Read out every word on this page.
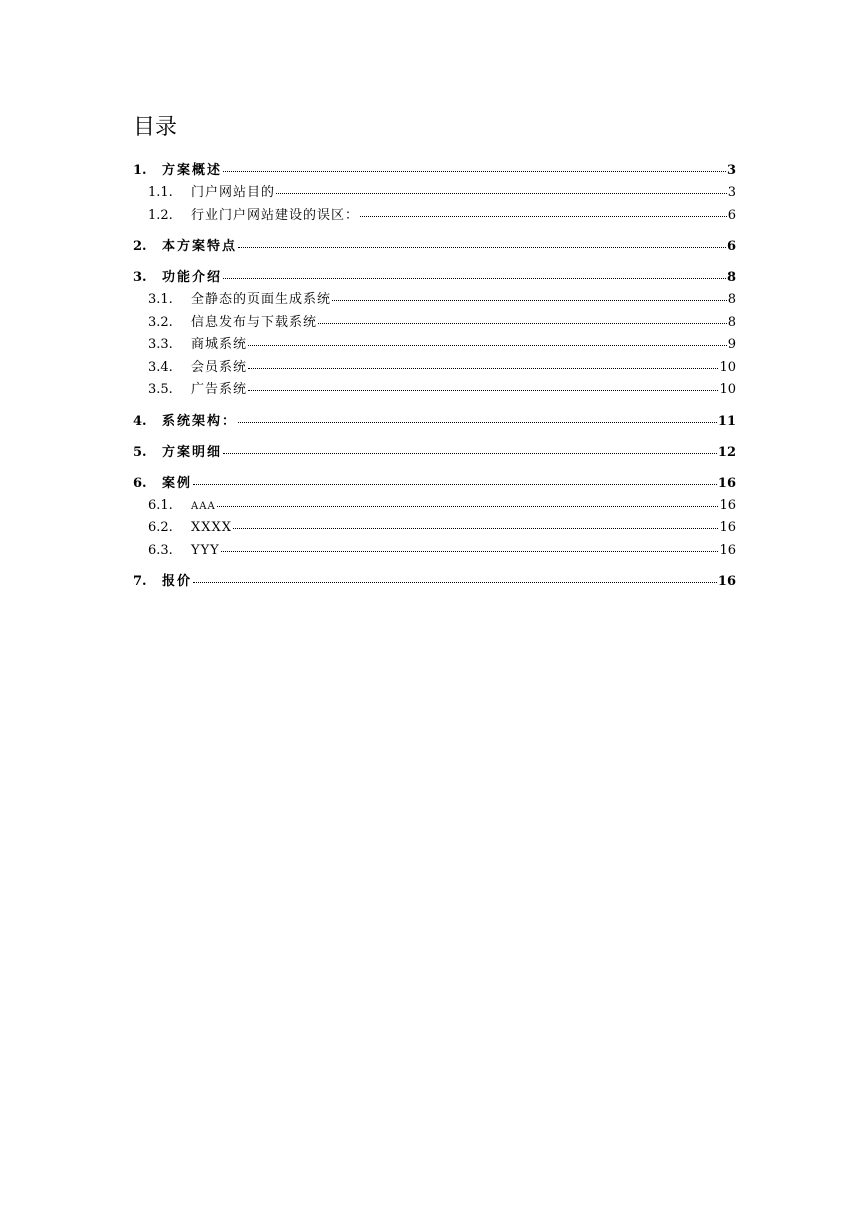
目录
1.	方案概述	3
1.1.	门户网站目的	3
1.2.	行业门户网站建设的误区：	6
2.	本方案特点	6
3.	功能介绍	8
3.1.	全静态的页面生成系统	8
3.2.	信息发布与下载系统	8
3.3.	商城系统	9
3.4.	会员系统	10
3.5.	广告系统	10
4.	系统架构：	11
5.	方案明细	12
6.	案例	16
6.1.	AAA	16
6.2.	XXXX	16
6.3.	YYY	16
7.	报价	16
